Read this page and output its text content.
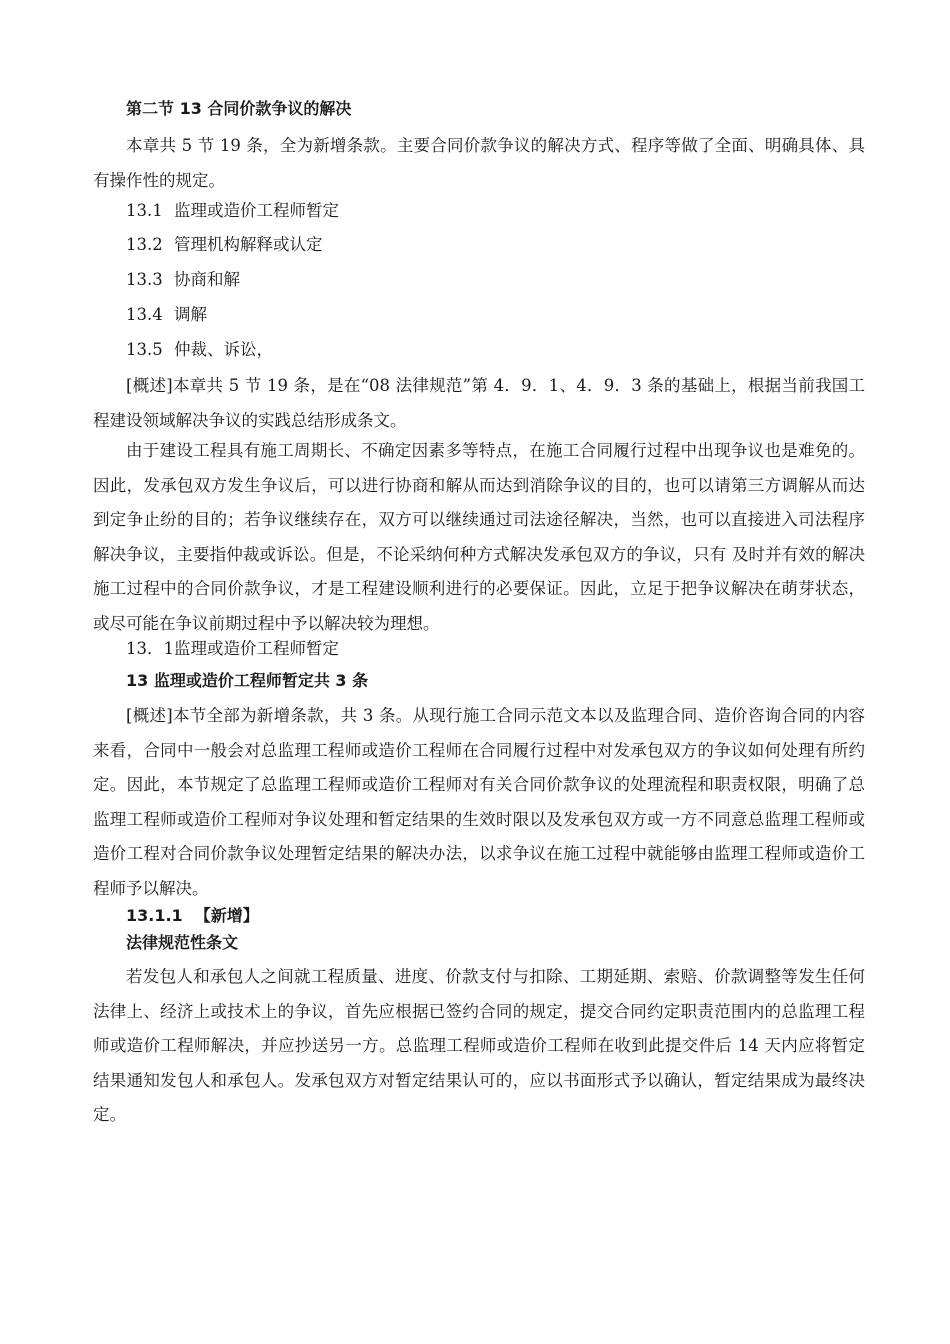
第二节 13 合同价款争议的解决

本章共 5 节 19 条，全为新增条款。主要合同价款争议的解决方式、程序等做了全面、明确具体、具有操作性的规定。

13.1 监理或造价工程师暂定
13.2 管理机构解释或认定
13.3 协商和解
13.4 调解
13.5 仲裁、诉讼，

[概述]本章共 5 节 19 条，是在“08 法律规范”第 4．9．1、4．9．3 条的基础上，根据当前我国工程建设领域解决争议的实践总结形成条文。

由于建设工程具有施工周期长、不确定因素多等特点，在施工合同履行过程中出现争议也是难免的。因此，发承包双方发生争议后，可以进行协商和解从而达到消除争议的目的，也可以请第三方调解从而达到定争止纷的目的；若争议继续存在，双方可以继续通过司法途径解决，当然，也可以直接进入司法程序解决争议，主要指仲裁或诉讼。但是，不论采纳何种方式解决发承包双方的争议，只有 及时并有效的解决施工过程中的合同价款争议，才是工程建设顺利进行的必要保证。因此，立足于把争议解决在萌芽状态，或尽可能在争议前期过程中予以解决较为理想。

13．1监理或造价工程师暂定
13 监理或造价工程师暂定共 3 条

[概述]本节全部为新增条款，共 3 条。从现行施工合同示范文本以及监理合同、造价咨询合同的内容来看，合同中一般会对总监理工程师或造价工程师在合同履行过程中对发承包双方的争议如何处理有所约定。因此，本节规定了总监理工程师或造价工程师对有关合同价款争议的处理流程和职责权限，明确了总监理工程师或造价工程师对争议处理和暂定结果的生效时限以及发承包双方或一方不同意总监理工程师或造价工程对合同价款争议处理暂定结果的解决办法，以求争议在施工过程中就能够由监理工程师或造价工程师予以解决。

13.1.1 【新增】
法律规范性条文

若发包人和承包人之间就工程质量、进度、价款支付与扣除、工期延期、索赔、价款调整等发生任何法律上、经济上或技术上的争议，首先应根据已签约合同的规定，提交合同约定职责范围内的总监理工程师或造价工程师解决，并应抄送另一方。总监理工程师或造价工程师在收到此提交件后 14 天内应将暂定结果通知发包人和承包人。发承包双方对暂定结果认可的，应以书面形式予以确认，暂定结果成为最终决定。
